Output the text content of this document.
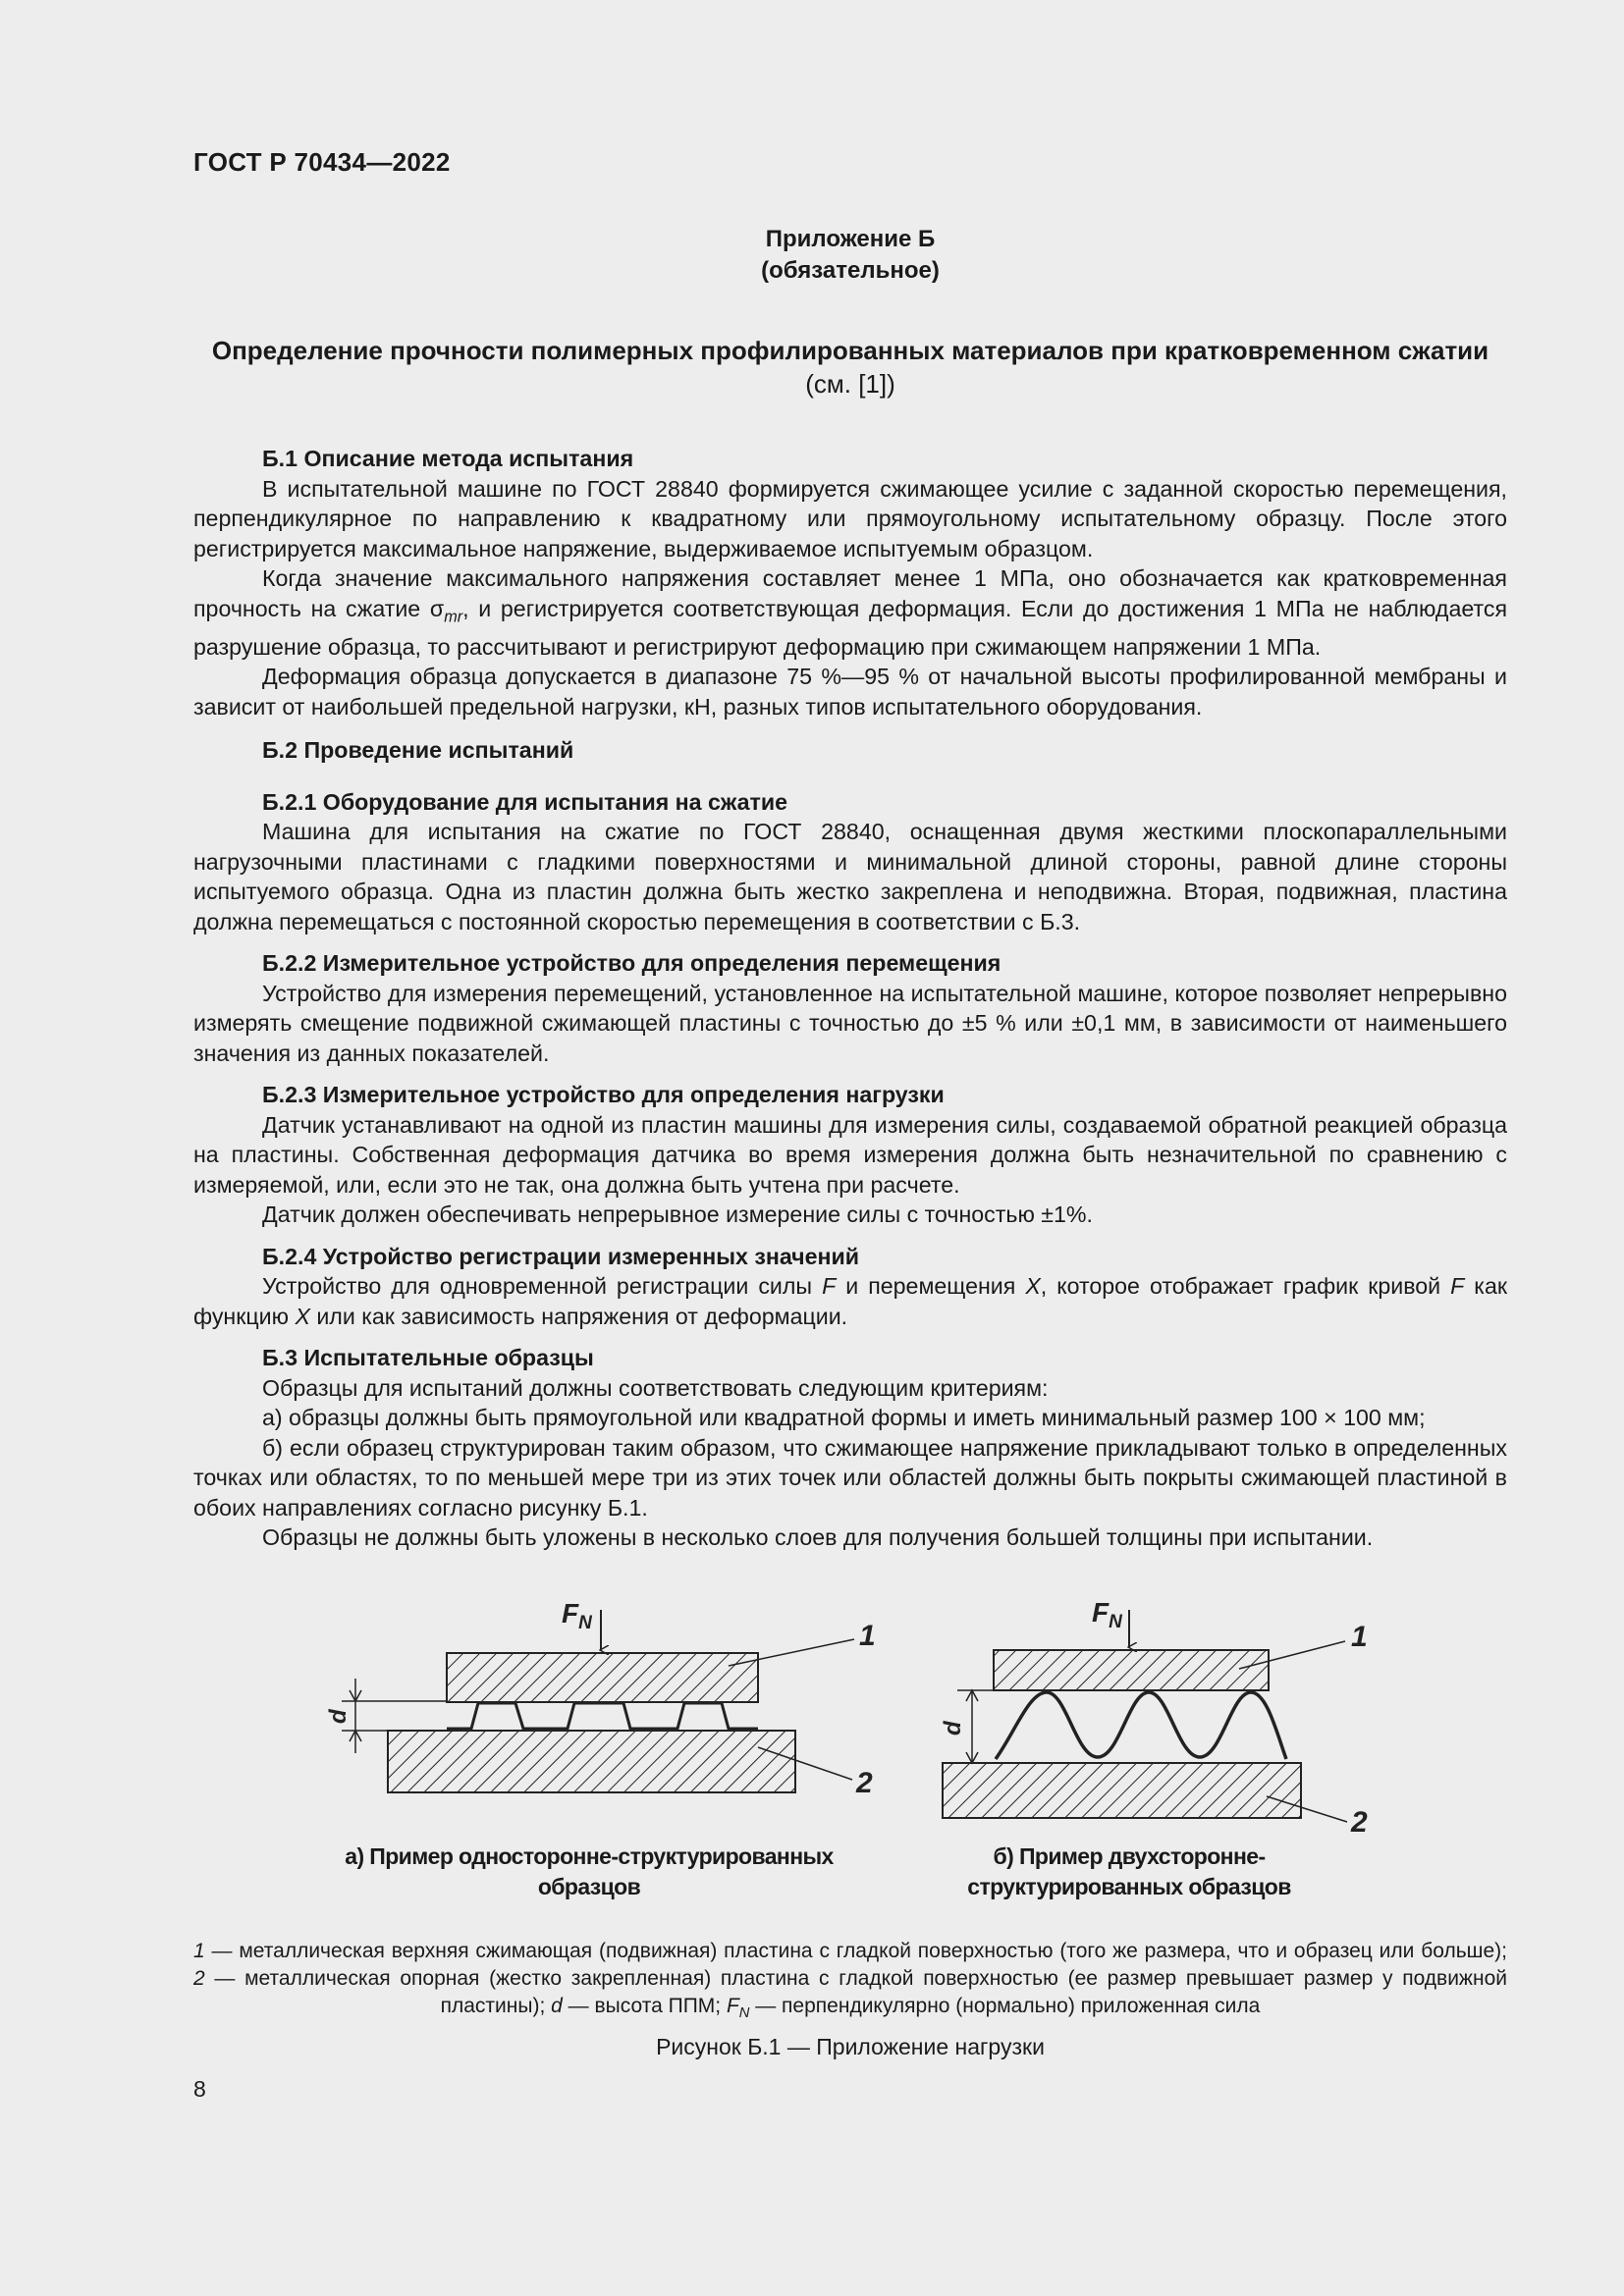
ГОСТ Р 70434—2022
Приложение Б
(обязательное)
Определение прочности полимерных профилированных материалов при кратковременном сжатии (см. [1])
Б.1 Описание метода испытания

В испытательной машине по ГОСТ 28840 формируется сжимающее усилие с заданной скоростью перемещения, перпендикулярное по направлению к квадратному или прямоугольному испытательному образцу. После этого регистрируется максимальное напряжение, выдерживаемое испытуемым образцом.

Когда значение максимального напряжения составляет менее 1 МПа, оно обозначается как кратковременная прочность на сжатие $\sigma_{mr}$, и регистрируется соответствующая деформация. Если до достижения 1 МПа не наблюдается разрушение образца, то рассчитывают и регистрируют деформацию при сжимающем напряжении 1 МПа.

Деформация образца допускается в диапазоне 75 %—95 % от начальной высоты профилированной мембраны и зависит от наибольшей предельной нагрузки, кН, разных типов испытательного оборудования.

Б.2 Проведение испытаний
Б.2.1 Оборудование для испытания на сжатие

Машина для испытания на сжатие по ГОСТ 28840, оснащенная двумя жесткими плоскопараллельными нагрузочными пластинами с гладкими поверхностями и минимальной длиной стороны, равной длине стороны испытуемого образца. Одна из пластин должна быть жестко закреплена и неподвижна. Вторая, подвижная, пластина должна перемещаться с постоянной скоростью перемещения в соответствии с Б.3.

Б.2.2 Измерительное устройство для определения перемещения

Устройство для измерения перемещений, установленное на испытательной машине, которое позволяет непрерывно измерять смещение подвижной сжимающей пластины с точностью до ±5 % или ±0,1 мм, в зависимости от наименьшего значения из данных показателей.

Б.2.3 Измерительное устройство для определения нагрузки

Датчик устанавливают на одной из пластин машины для измерения силы, создаваемой обратной реакцией образца на пластины. Собственная деформация датчика во время измерения должна быть незначительной по сравнению с измеряемой, или, если это не так, она должна быть учтена при расчете.

Датчик должен обеспечивать непрерывное измерение силы с точностью ±1%.

Б.2.4 Устройство регистрации измеренных значений

Устройство для одновременной регистрации силы F и перемещения X, которое отображает график кривой F как функцию X или как зависимость напряжения от деформации.

Б.3 Испытательные образцы

Образцы для испытаний должны соответствовать следующим критериям:

а) образцы должны быть прямоугольной или квадратной формы и иметь минимальный размер 100 × 100 мм;

б) если образец структурирован таким образом, что сжимающее напряжение прикладывают только в определенных точках или областях, то по меньшей мере три из этих точек или областей должны быть покрыты сжимающей пластиной в обоих направлениях согласно рисунку Б.1.

Образцы не должны быть уложены в несколько слоев для получения большей толщины при испытании.

$F_N$
d
1
2
$F_N$
d
1
2
а) Пример односторонне-структурированных
образцов
б) Пример двухсторонне-
структурированных образцов
1 — металлическая верхняя сжимающая (подвижная) пластина с гладкой поверхностью (того же размера, что и образец или больше); 2 — металлическая опорная (жестко закрепленная) пластина с гладкой поверхностью (ее размер превышает размер у подвижной пластины); d — высота ППМ; $F_N$ — перпендикулярно (нормально) приложенная сила
Рисунок Б.1 — Приложение нагрузки
8
